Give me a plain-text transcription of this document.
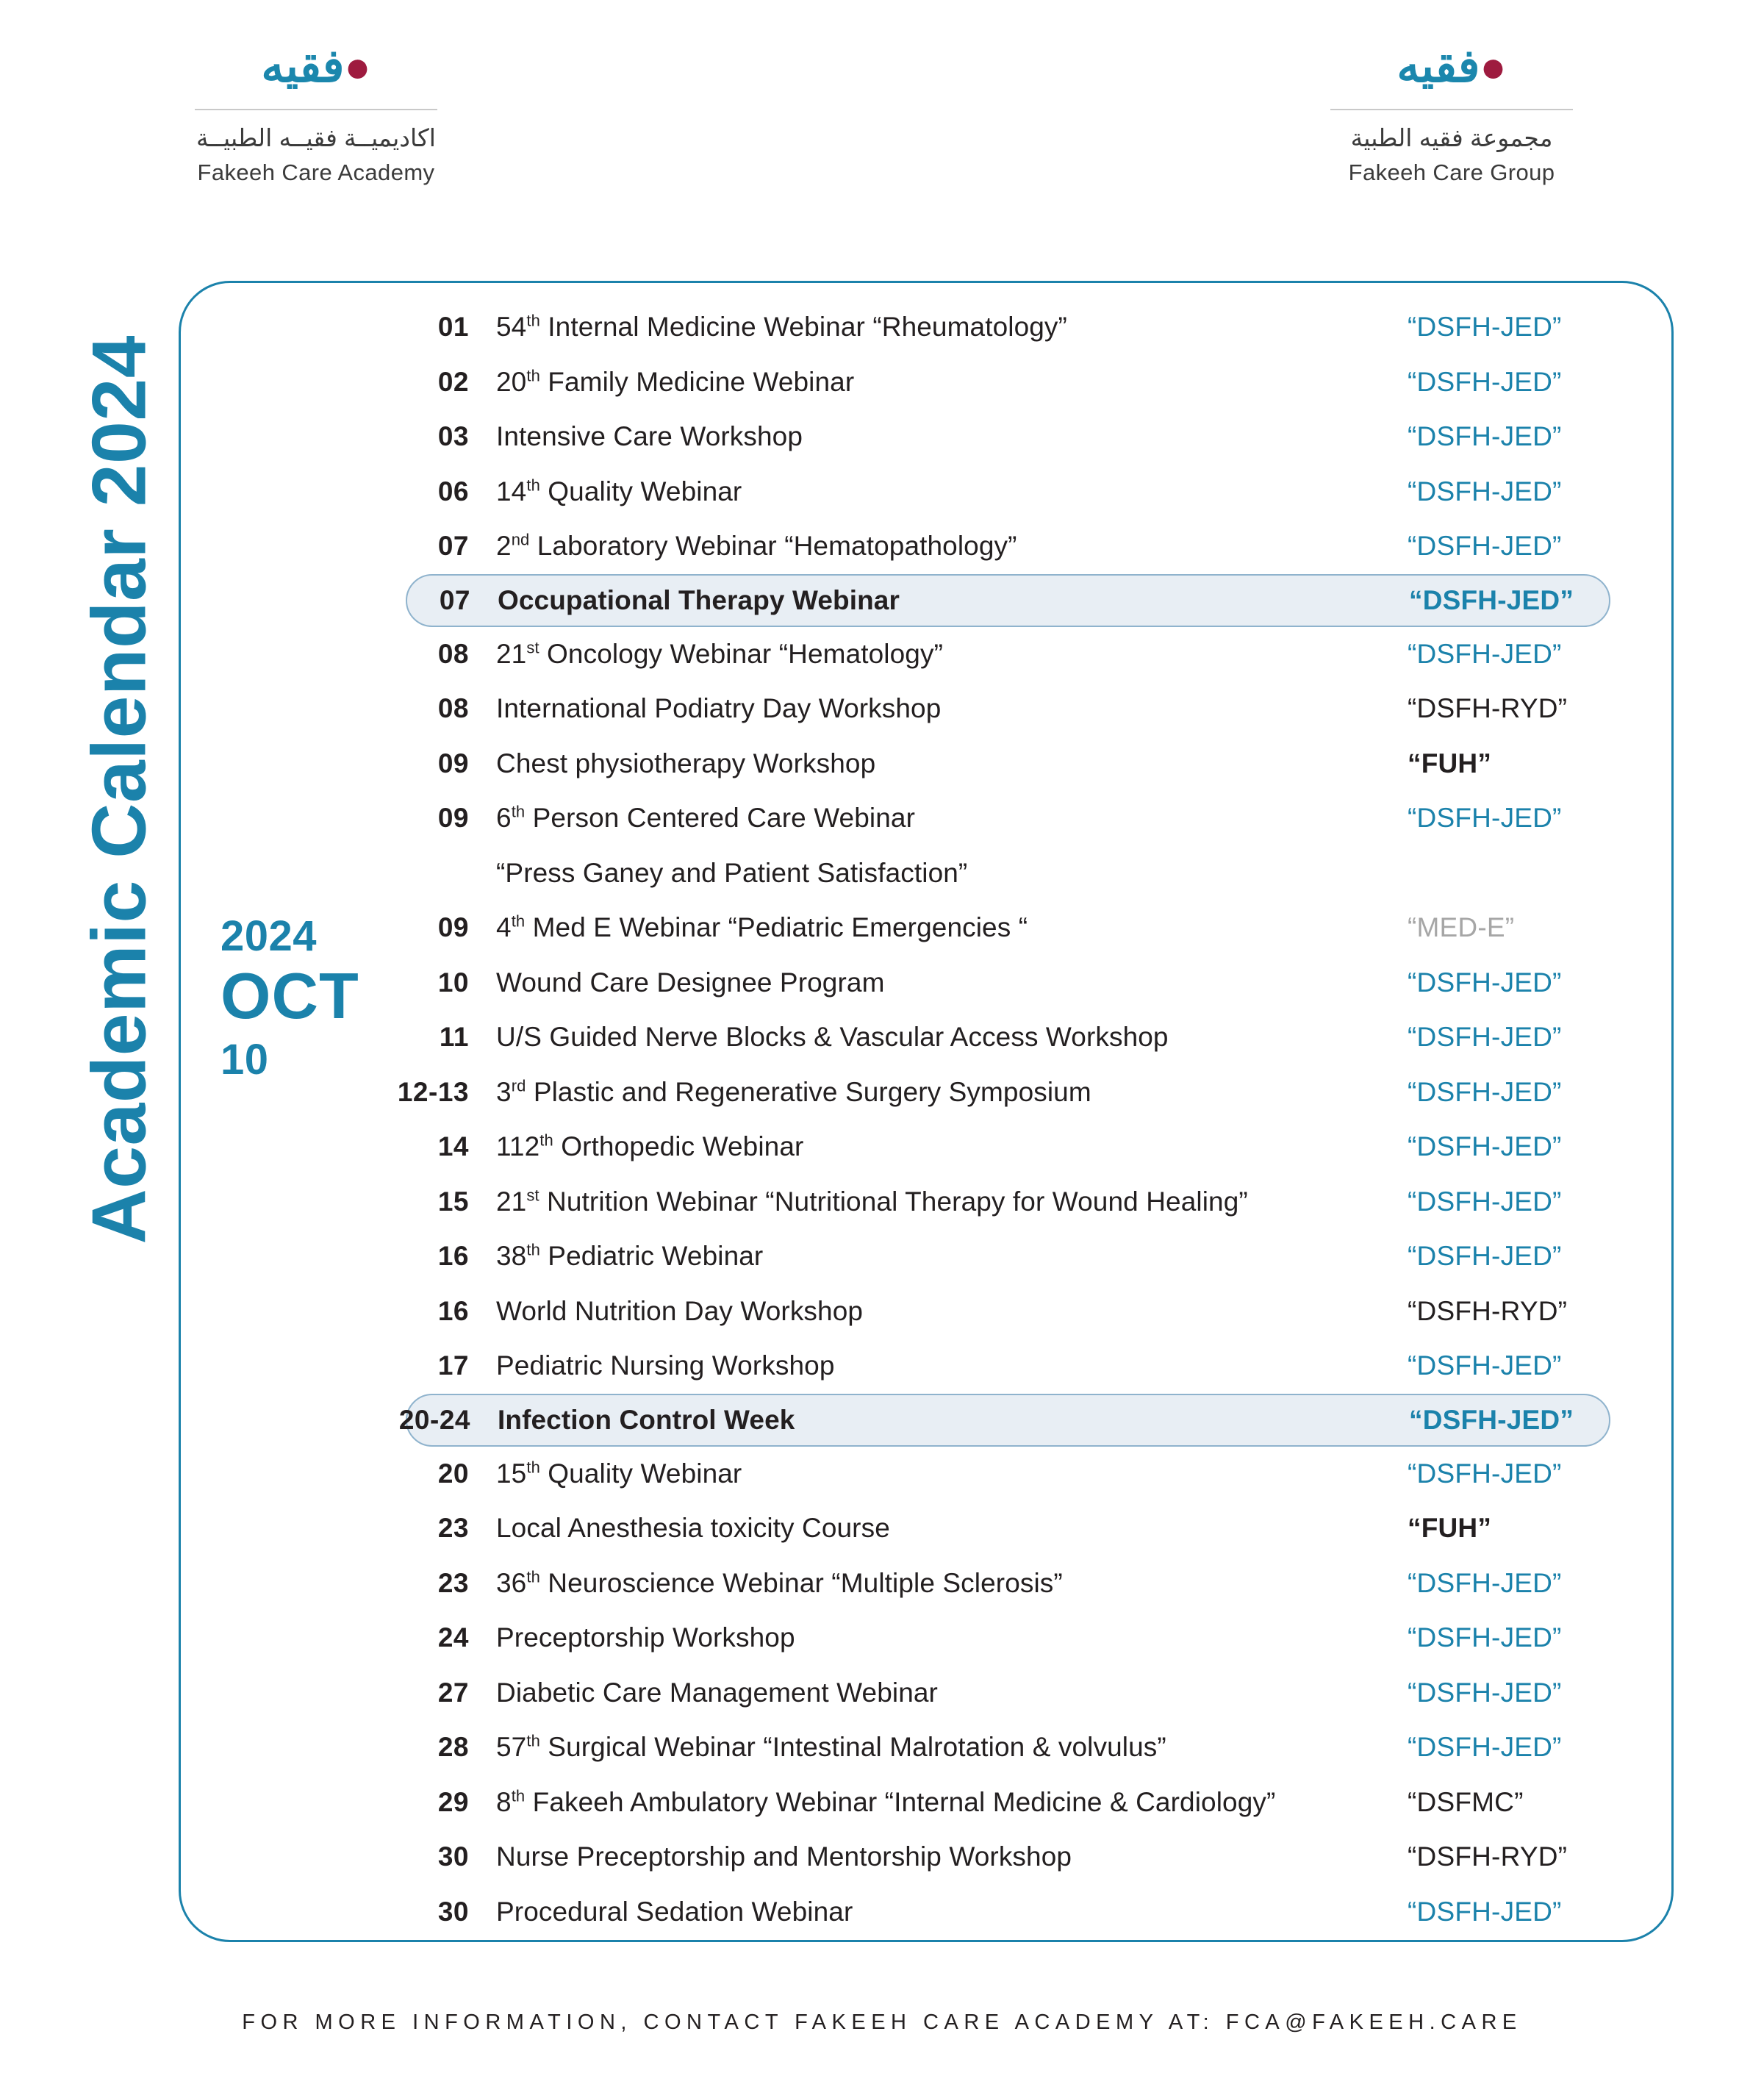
●فقيه
اكاديميــة فقيــه الطبيــة
Fakeeh Care Academy
●فقيه
مجموعة فقيه الطبية
Fakeeh Care Group
Academic Calendar 2024 2024
OCT
10
01 54th Internal Medicine Webinar “Rheumatology”	“DSFH-JED”
02 20th Family Medicine Webinar	“DSFH-JED”
03 Intensive Care Workshop	“DSFH-JED”
06 14th Quality Webinar	“DSFH-JED”
07 2nd Laboratory Webinar “Hematopathology”	“DSFH-JED”
07 Occupational Therapy Webinar	“DSFH-JED”
08 21st Oncology Webinar “Hematology”	“DSFH-JED”
08 International Podiatry Day Workshop	“DSFH-RYD”
09 Chest physiotherapy Workshop	“FUH”
09 6th Person Centered Care Webinar	“DSFH-JED”
“Press Ganey and Patient Satisfaction”
09 4th Med E Webinar “Pediatric Emergencies “	“MED-E”
10 Wound Care Designee Program	“DSFH-JED”
11 U/S Guided Nerve Blocks & Vascular Access Workshop	“DSFH-JED”
12-13 3rd Plastic and Regenerative Surgery Symposium	“DSFH-JED”
14 112th Orthopedic Webinar	“DSFH-JED”
15 21st Nutrition Webinar “Nutritional Therapy for Wound Healing”	“DSFH-JED”
16 38th Pediatric Webinar	“DSFH-JED”
16 World Nutrition Day Workshop	“DSFH-RYD”
17 Pediatric Nursing Workshop	“DSFH-JED”
20-24 Infection Control Week	“DSFH-JED”
20 15th Quality Webinar	“DSFH-JED”
23 Local Anesthesia toxicity Course	“FUH”
23 36th Neuroscience Webinar “Multiple Sclerosis”	“DSFH-JED”
24 Preceptorship Workshop	“DSFH-JED”
27 Diabetic Care Management Webinar	“DSFH-JED”
28 57th Surgical Webinar “Intestinal Malrotation & volvulus”	“DSFH-JED”
29 8th Fakeeh Ambulatory Webinar “Internal Medicine & Cardiology”	“DSFMC”
30 Nurse Preceptorship and Mentorship Workshop	“DSFH-RYD”
30 Procedural Sedation Webinar	“DSFH-JED”
FOR MORE INFORMATION, CONTACT FAKEEH CARE ACADEMY AT: FCA@FAKEEH.CARE
